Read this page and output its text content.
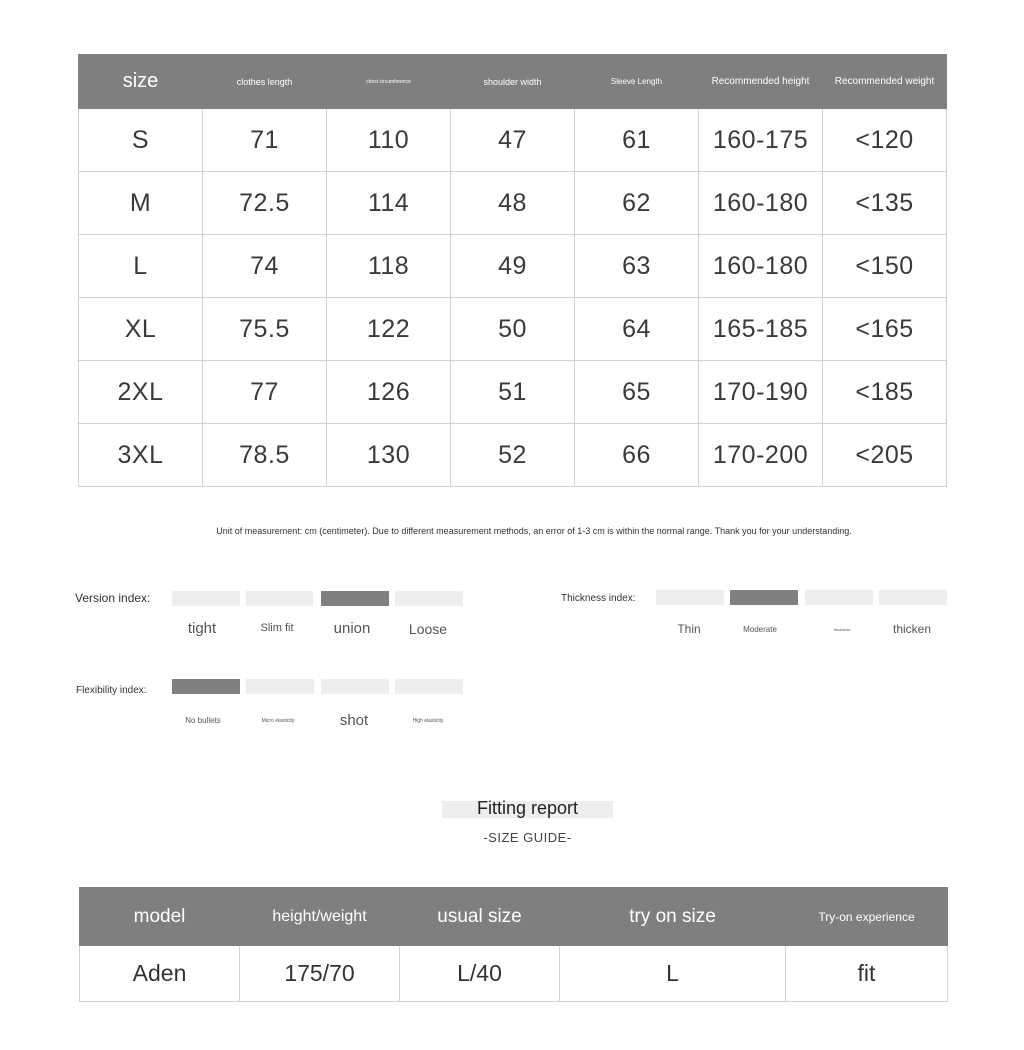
size	clothes length	chest circumference	shoulder width	Sleeve Length	Recommended height	Recommended weight
S	71	110	47	61	160-175	<120
M	72.5	114	48	62	160-180	<135
L	74	118	49	63	160-180	<150
XL	75.5	122	50	64	165-185	<165
2XL	77	126	51	65	170-190	<185
3XL	78.5	130	52	66	170-200	<205
Unit of measurement: cm (centimeter). Due to different measurement methods, an error of 1-3 cm is within the normal range. Thank you for your understanding.
Version index:
tight	Slim fit	union	Loose
Thickness index:
Thin	Moderate	thickness	thicken
Flexibility index:
No bullets	Micro elasticity	shot	High elasticity
Fitting report
-SIZE GUIDE-
model	height/weight	usual size	try on size	Try-on experience
Aden	175/70	L/40	L	fit
